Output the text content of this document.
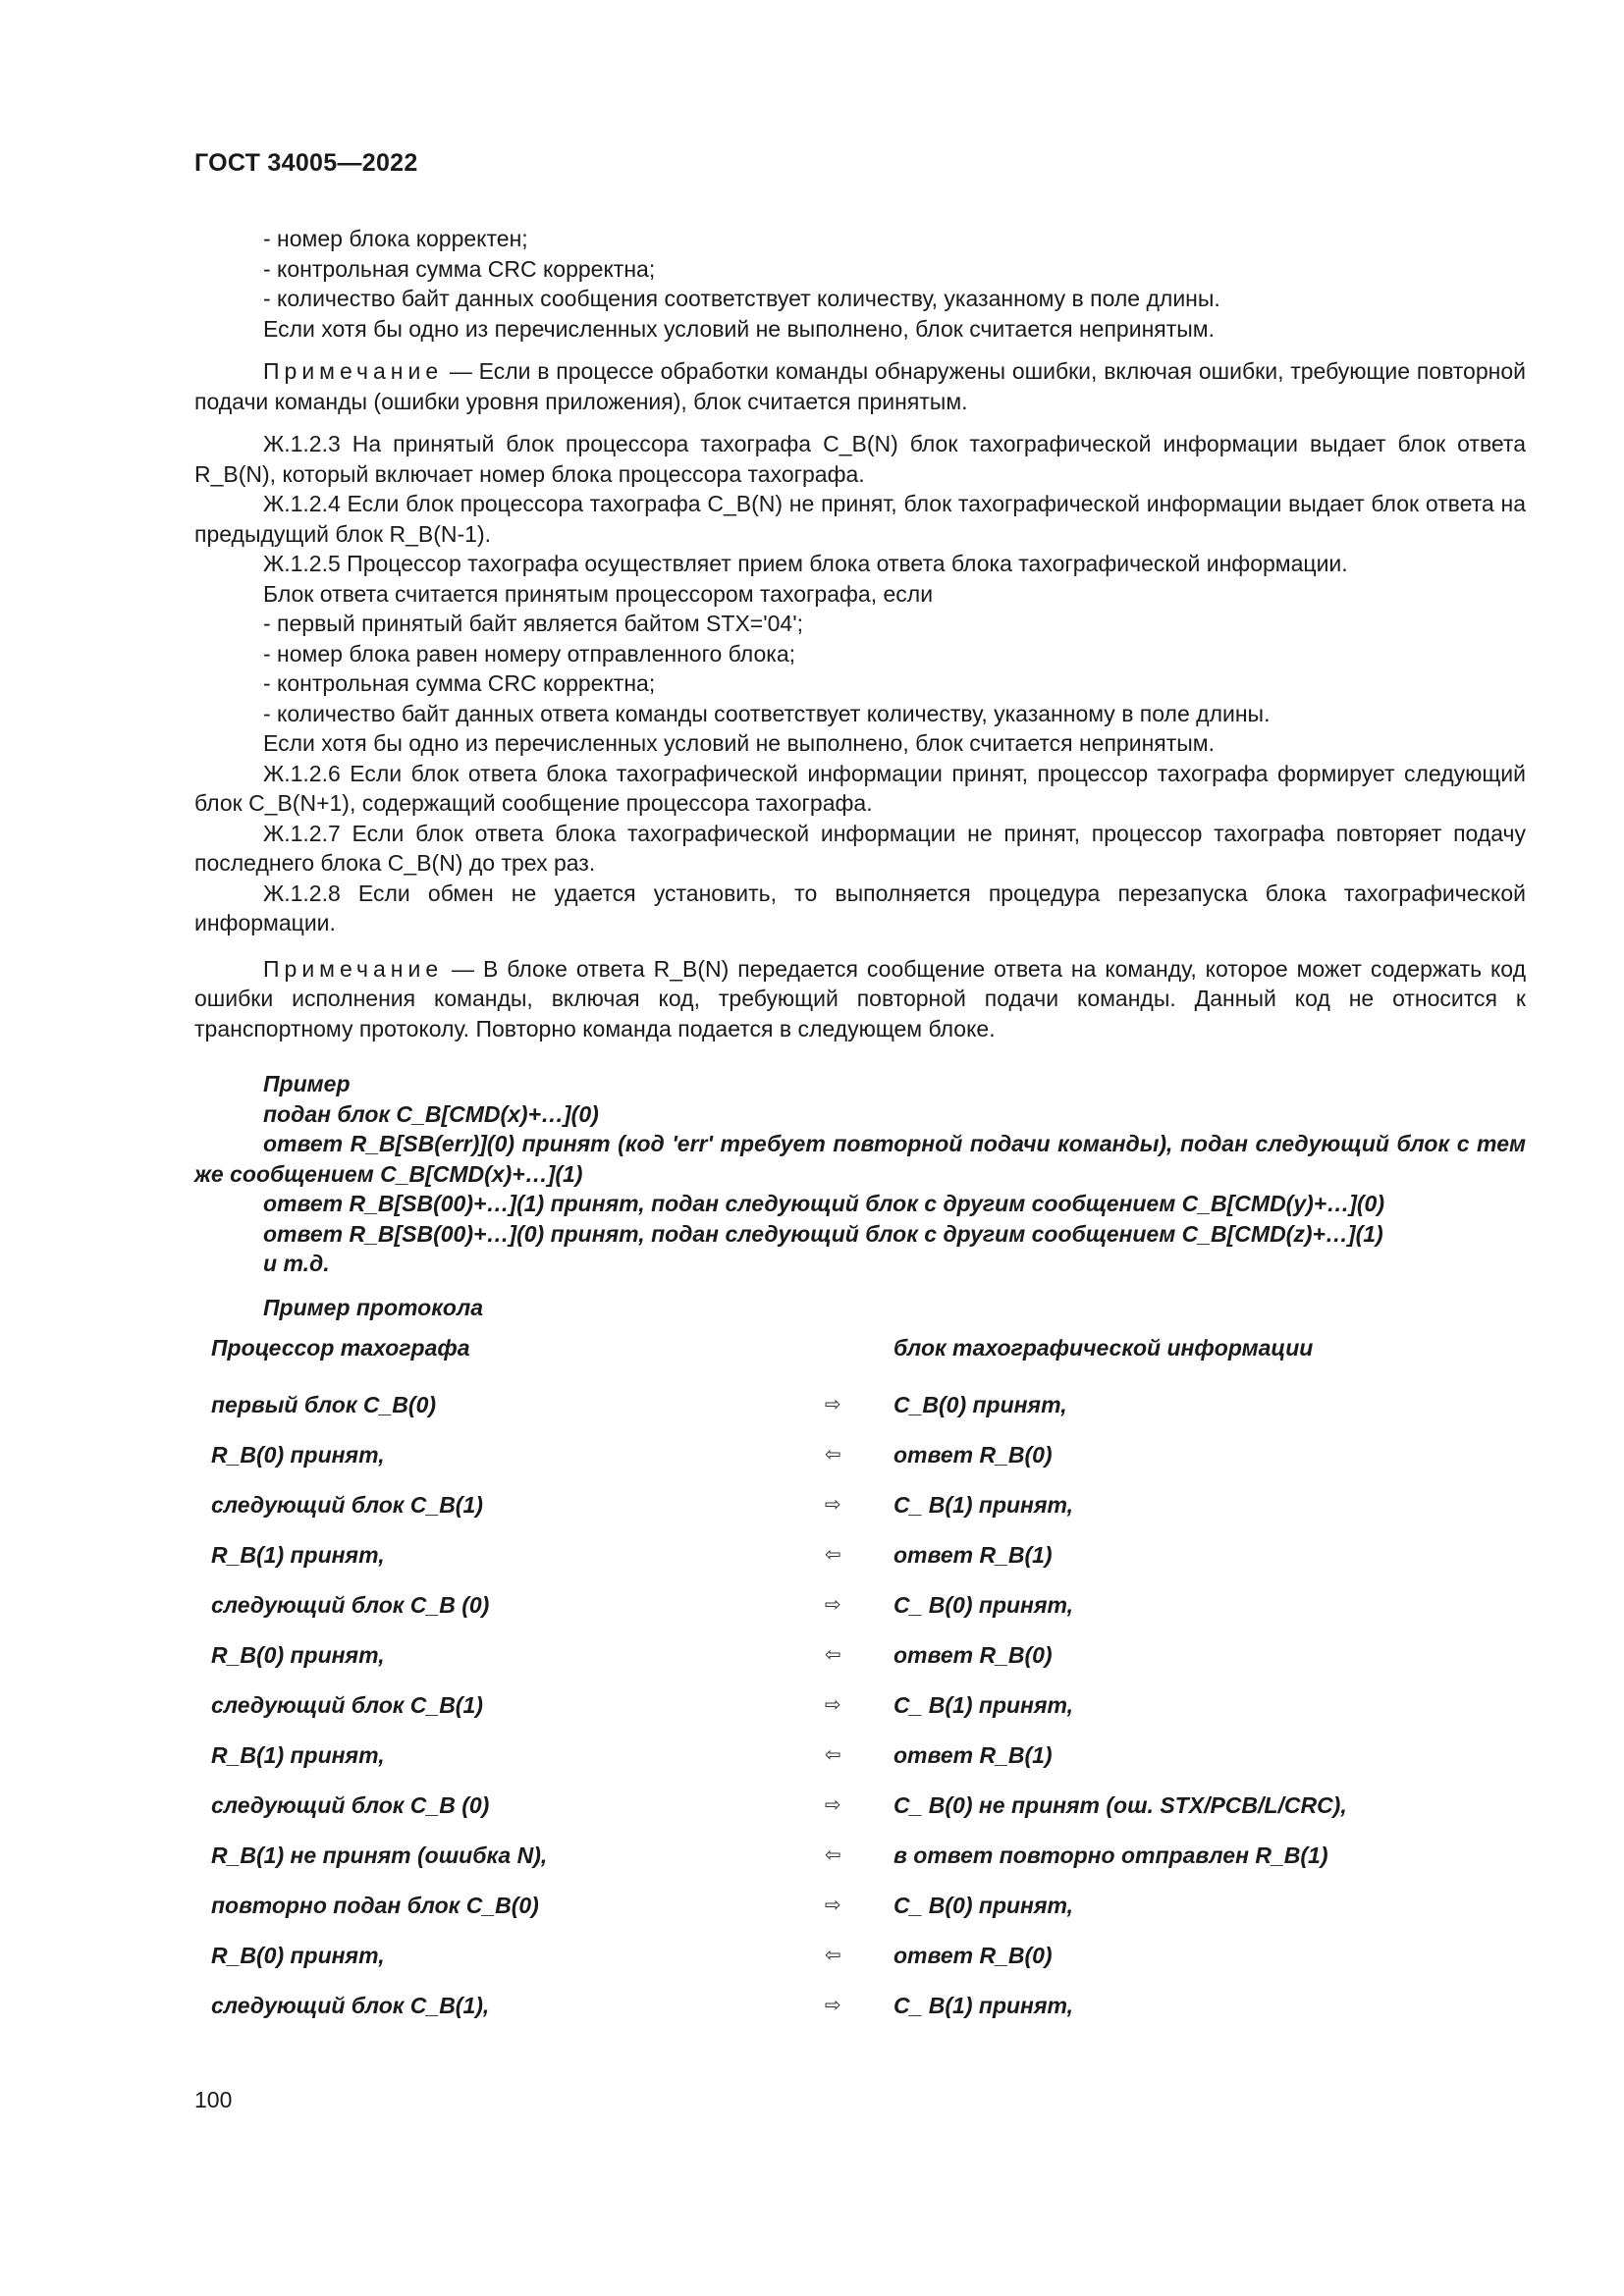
ГОСТ 34005—2022

- номер блока корректен;

- контрольная сумма CRC корректна;

- количество байт данных сообщения соответствует количеству, указанному в поле длины.

Если хотя бы одно из перечисленных условий не выполнено, блок считается непринятым.

Примечание — Если в процессе обработки команды обнаружены ошибки, включая ошибки, требующие повторной подачи команды (ошибки уровня приложения), блок считается принятым.

Ж.1.2.3 На принятый блок процессора тахографа C_B(N) блок тахографической информации выдает блок ответа R_B(N), который включает номер блока процессора тахографа.

Ж.1.2.4 Если блок процессора тахографа C_B(N) не принят, блок тахографической информации выдает блок ответа на предыдущий блок R_B(N-1).

Ж.1.2.5 Процессор тахографа осуществляет прием блока ответа блока тахографической информации.

Блок ответа считается принятым процессором тахографа, если

- первый принятый байт является байтом STX='04';

- номер блока равен номеру отправленного блока;

- контрольная сумма CRC корректна;

- количество байт данных ответа команды соответствует количеству, указанному в поле длины.

Если хотя бы одно из перечисленных условий не выполнено, блок считается непринятым.

Ж.1.2.6 Если блок ответа блока тахографической информации принят, процессор тахографа формирует следующий блок C_B(N+1), содержащий сообщение процессора тахографа.

Ж.1.2.7 Если блок ответа блока тахографической информации не принят, процессор тахографа повторяет подачу последнего блока C_B(N) до трех раз.

Ж.1.2.8 Если обмен не удается установить, то выполняется процедура перезапуска блока тахографической информации.

Примечание — В блоке ответа R_B(N) передается сообщение ответа на команду, которое может содержать код ошибки исполнения команды, включая код, требующий повторной подачи команды. Данный код не относится к транспортному протоколу. Повторно команда подается в следующем блоке.

Пример

подан блок C_B[CMD(x)+…](0)

ответ R_B[SB(err)](0) принят (код 'err' требует повторной подачи команды), подан следующий блок с тем же сообщением C_B[CMD(x)+…](1)

ответ R_B[SB(00)+…](1) принят, подан следующий блок с другим сообщением C_B[CMD(y)+…](0)

ответ R_B[SB(00)+…](0) принят, подан следующий блок с другим сообщением C_B[CMD(z)+…](1)

и т.д.

Пример протокола

Процессор тахографа	блок тахографической информации
первый блок C_B(0)	⇨	C_B(0) принят,
R_B(0) принят,	⇦	ответ R_B(0)
следующий блок C_B(1)	⇨	C_ B(1) принят,
R_B(1) принят,	⇦	ответ R_B(1)
следующий блок C_B (0)	⇨	C_ B(0) принят,
R_B(0) принят,	⇦	ответ R_B(0)
следующий блок C_B(1)	⇨	C_ B(1) принят,
R_B(1) принят,	⇦	ответ R_B(1)
следующий блок C_B (0)	⇨	C_ B(0) не принят (ош. STX/PCB/L/CRC),
R_B(1) не принят (ошибка N),	⇦	в ответ повторно отправлен R_B(1)
повторно подан блок C_B(0)	⇨	C_ B(0) принят,
R_B(0) принят,	⇦	ответ R_B(0)
следующий блок C_B(1),	⇨	C_ B(1) принят,
100
